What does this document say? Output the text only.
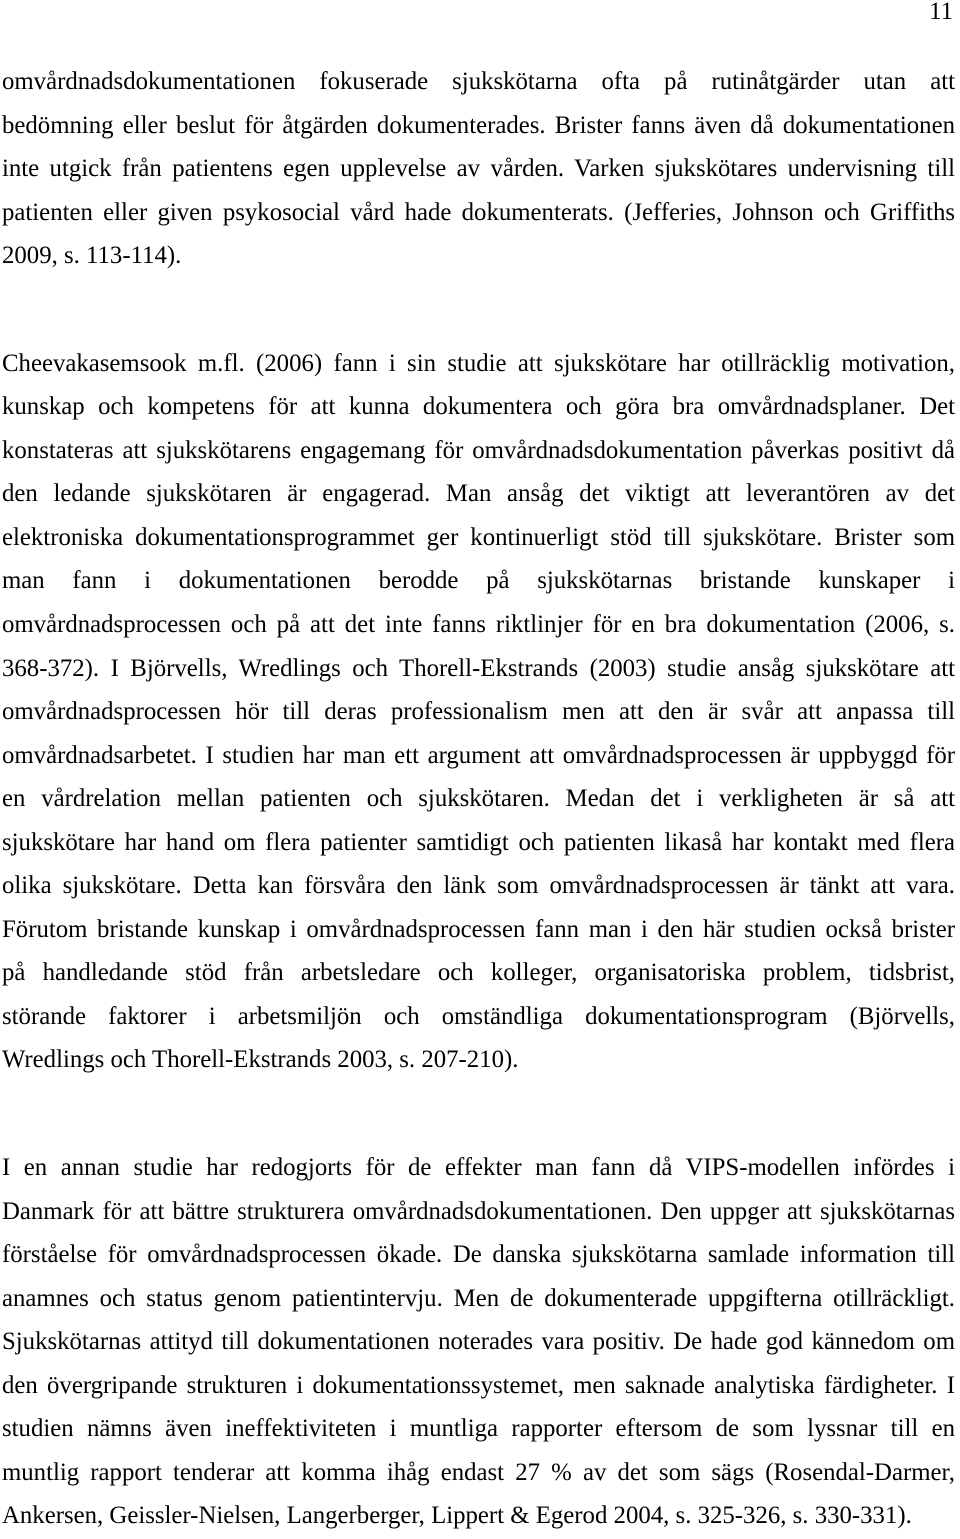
11
omvårdnadsdokumentationen fokuserade sjukskötarna ofta på rutinåtgärder utan att
bedömning eller beslut för åtgärden dokumenterades. Brister fanns även då dokumentationen
inte utgick från patientens egen upplevelse av vården. Varken sjukskötares undervisning till
patienten eller given psykosocial vård hade dokumenterats. (Jefferies, Johnson och Griffiths
2009, s. 113-114).
Cheevakasemsook m.fl. (2006) fann i sin studie att sjukskötare har otillräcklig motivation,
kunskap och kompetens för att kunna dokumentera och göra bra omvårdnadsplaner. Det
konstateras att sjukskötarens engagemang för omvårdnadsdokumentation påverkas positivt då
den ledande sjukskötaren är engagerad. Man ansåg det viktigt att leverantören av det
elektroniska dokumentationsprogrammet ger kontinuerligt stöd till sjukskötare. Brister som
man fann i dokumentationen berodde på sjukskötarnas bristande kunskaper i
omvårdnadsprocessen och på att det inte fanns riktlinjer för en bra dokumentation (2006, s.
368-372). I Björvells, Wredlings och Thorell-Ekstrands (2003) studie ansåg sjukskötare att
omvårdnadsprocessen hör till deras professionalism men att den är svår att anpassa till
omvårdnadsarbetet. I studien har man ett argument att omvårdnadsprocessen är uppbyggd för
en vårdrelation mellan patienten och sjukskötaren. Medan det i verkligheten är så att
sjukskötare har hand om flera patienter samtidigt och patienten likaså har kontakt med flera
olika sjukskötare. Detta kan försvåra den länk som omvårdnadsprocessen är tänkt att vara.
Förutom bristande kunskap i omvårdnadsprocessen fann man i den här studien också brister
på handledande stöd från arbetsledare och kolleger, organisatoriska problem, tidsbrist,
störande faktorer i arbetsmiljön och omständliga dokumentationsprogram (Björvells,
Wredlings och Thorell-Ekstrands 2003, s. 207-210).
I en annan studie har redogjorts för de effekter man fann då VIPS-modellen infördes i
Danmark för att bättre strukturera omvårdnadsdokumentationen. Den uppger att sjukskötarnas
förståelse för omvårdnadsprocessen ökade. De danska sjukskötarna samlade information till
anamnes och status genom patientintervju. Men de dokumenterade uppgifterna otillräckligt.
Sjukskötarnas attityd till dokumentationen noterades vara positiv. De hade god kännedom om
den övergripande strukturen i dokumentationssystemet, men saknade analytiska färdigheter. I
studien nämns även ineffektiviteten i muntliga rapporter eftersom de som lyssnar till en
muntlig rapport tenderar att komma ihåg endast 27 % av det som sägs (Rosendal-Darmer,
Ankersen, Geissler-Nielsen, Langerberger, Lippert & Egerod 2004, s. 325-326, s. 330-331).
